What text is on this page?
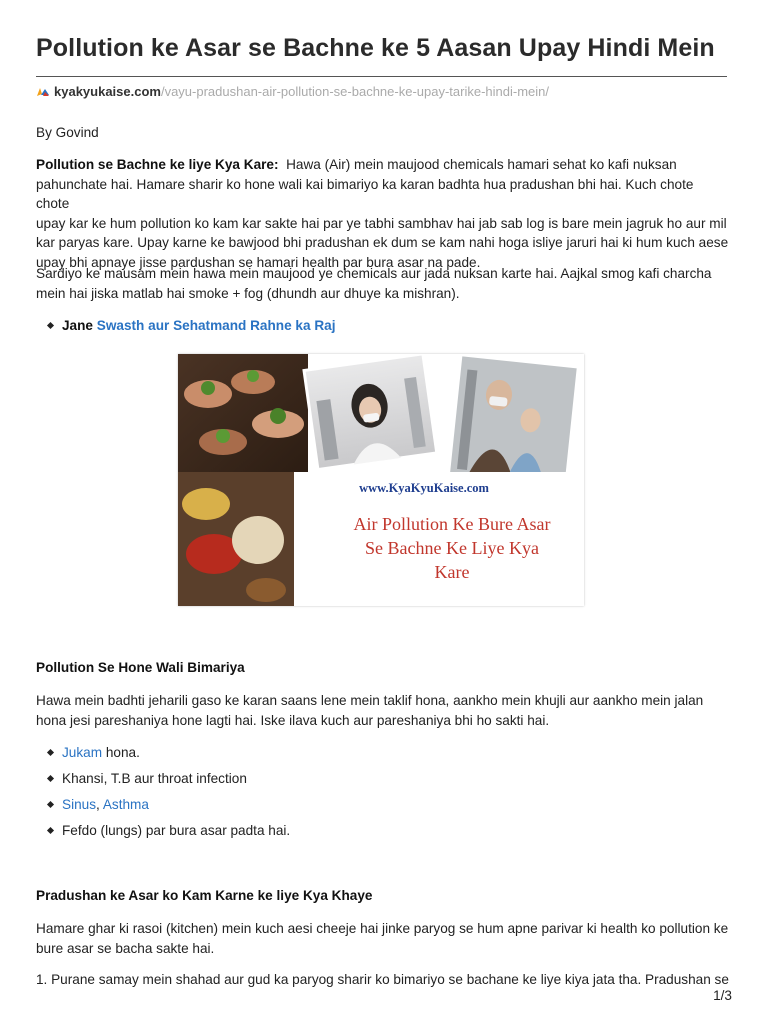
Pollution ke Asar se Bachne ke 5 Aasan Upay Hindi Mein
kyakyukaise.com/vayu-pradushan-air-pollution-se-bachne-ke-upay-tarike-hindi-mein/

By Govind

Pollution se Bachne ke liye Kya Kare: Hawa (Air) mein maujood chemicals hamari sehat ko kafi nuksan
pahunchate hai. Hamare sharir ko hone wali kai bimariyo ka karan badhta hua pradushan bhi hai. Kuch chote chote
upay kar ke hum pollution ko kam kar sakte hai par ye tabhi sambhav hai jab sab log is bare mein jagruk ho aur mil
kar paryas kare. Upay karne ke bawjood bhi pradushan ek dum se kam nahi hoga isliye jaruri hai ki hum kuch aese
upay bhi apnaye jisse pardushan se hamari health par bura asar na pade.
Sardiyo ke mausam mein hawa mein maujood ye chemicals aur jada nuksan karte hai. Aajkal smog kafi charcha
mein hai jiska matlab hai smoke + fog (dhundh aur dhuye ka mishran).
Jane Swasth aur Sehatmand Rahne ka Raj
www.KyaKyuKaise.com
Air Pollution Ke Bure Asar
Se Bachne Ke Liye Kya
Kare

Pollution Se Hone Wali Bimariya

Hawa mein badhti jeharili gaso ke karan saans lene mein taklif hona, aankho mein khujli aur aankho mein jalan
hona jesi pareshaniya hone lagti hai. Iske ilava kuch aur pareshaniya bhi ho sakti hai.
Jukam hona.
Khansi, T.B aur throat infection
Sinus, Asthma
Fefdo (lungs) par bura asar padta hai.

Pradushan ke Asar ko Kam Karne ke liye Kya Khaye

Hamare ghar ki rasoi (kitchen) mein kuch aesi cheeje hai jinke paryog se hum apne parivar ki health ko pollution ke
bure asar se bacha sakte hai.
1. Purane samay mein shahad aur gud ka paryog sharir ko bimariyo se bachane ke liye kiya jata tha. Pradushan se
1/3
